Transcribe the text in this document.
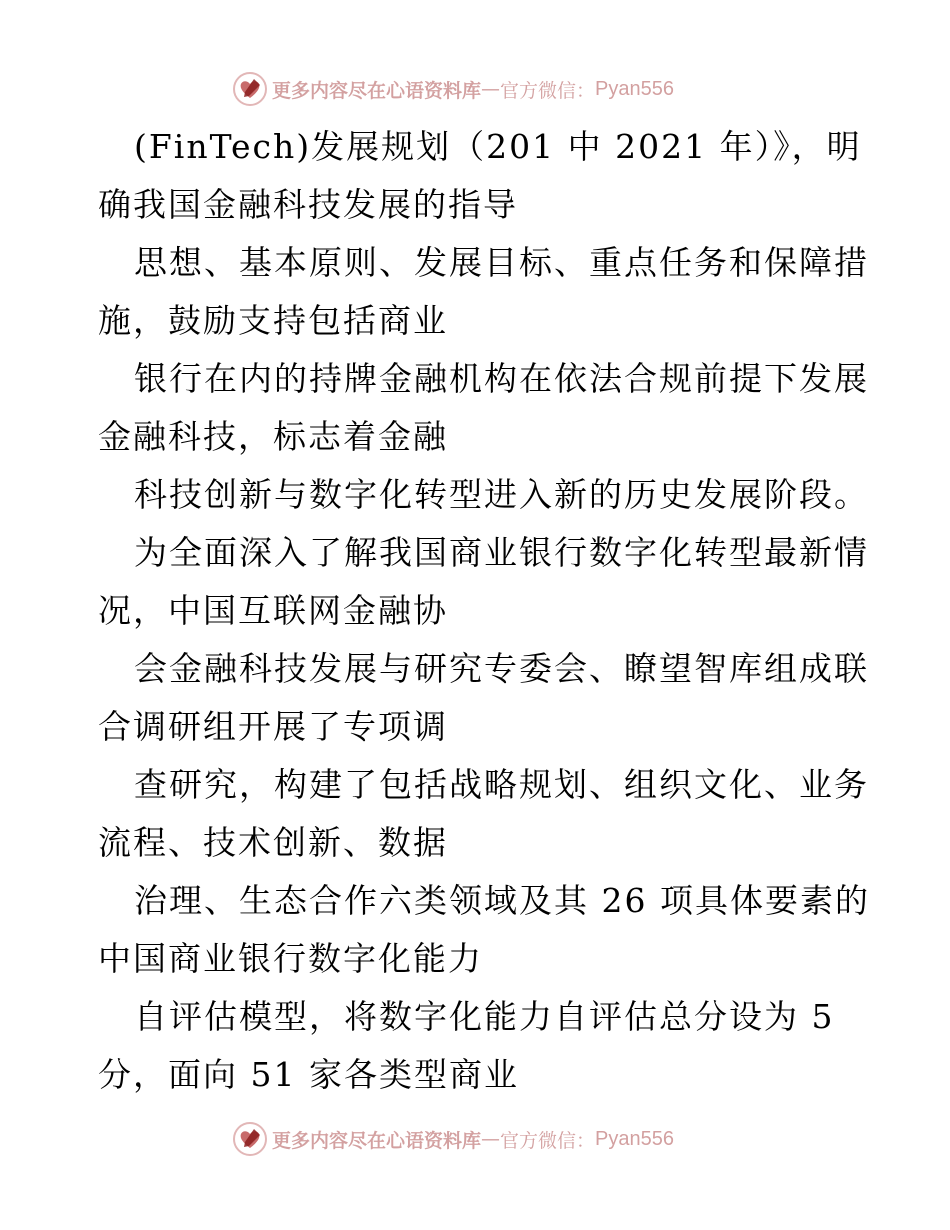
更多内容尽在心语资料库 — 官方微信： Pyan556

(FinTech)发展规划（201 中 2021 年）》，明
确我国金融科技发展的指导
思想、基本原则、发展目标、重点任务和保障措
施，鼓励支持包括商业
银行在内的持牌金融机构在依法合规前提下发展
金融科技，标志着金融
科技创新与数字化转型进入新的历史发展阶段。
为全面深入了解我国商业银行数字化转型最新情
况，中国互联网金融协
会金融科技发展与研究专委会、瞭望智库组成联
合调研组开展了专项调
查研究，构建了包括战略规划、组织文化、业务
流程、技术创新、数据
治理、生态合作六类领域及其 26 项具体要素的
中国商业银行数字化能力
自评估模型，将数字化能力自评估总分设为 5
分，面向 51 家各类型商业

更多内容尽在心语资料库 — 官方微信： Pyan556
